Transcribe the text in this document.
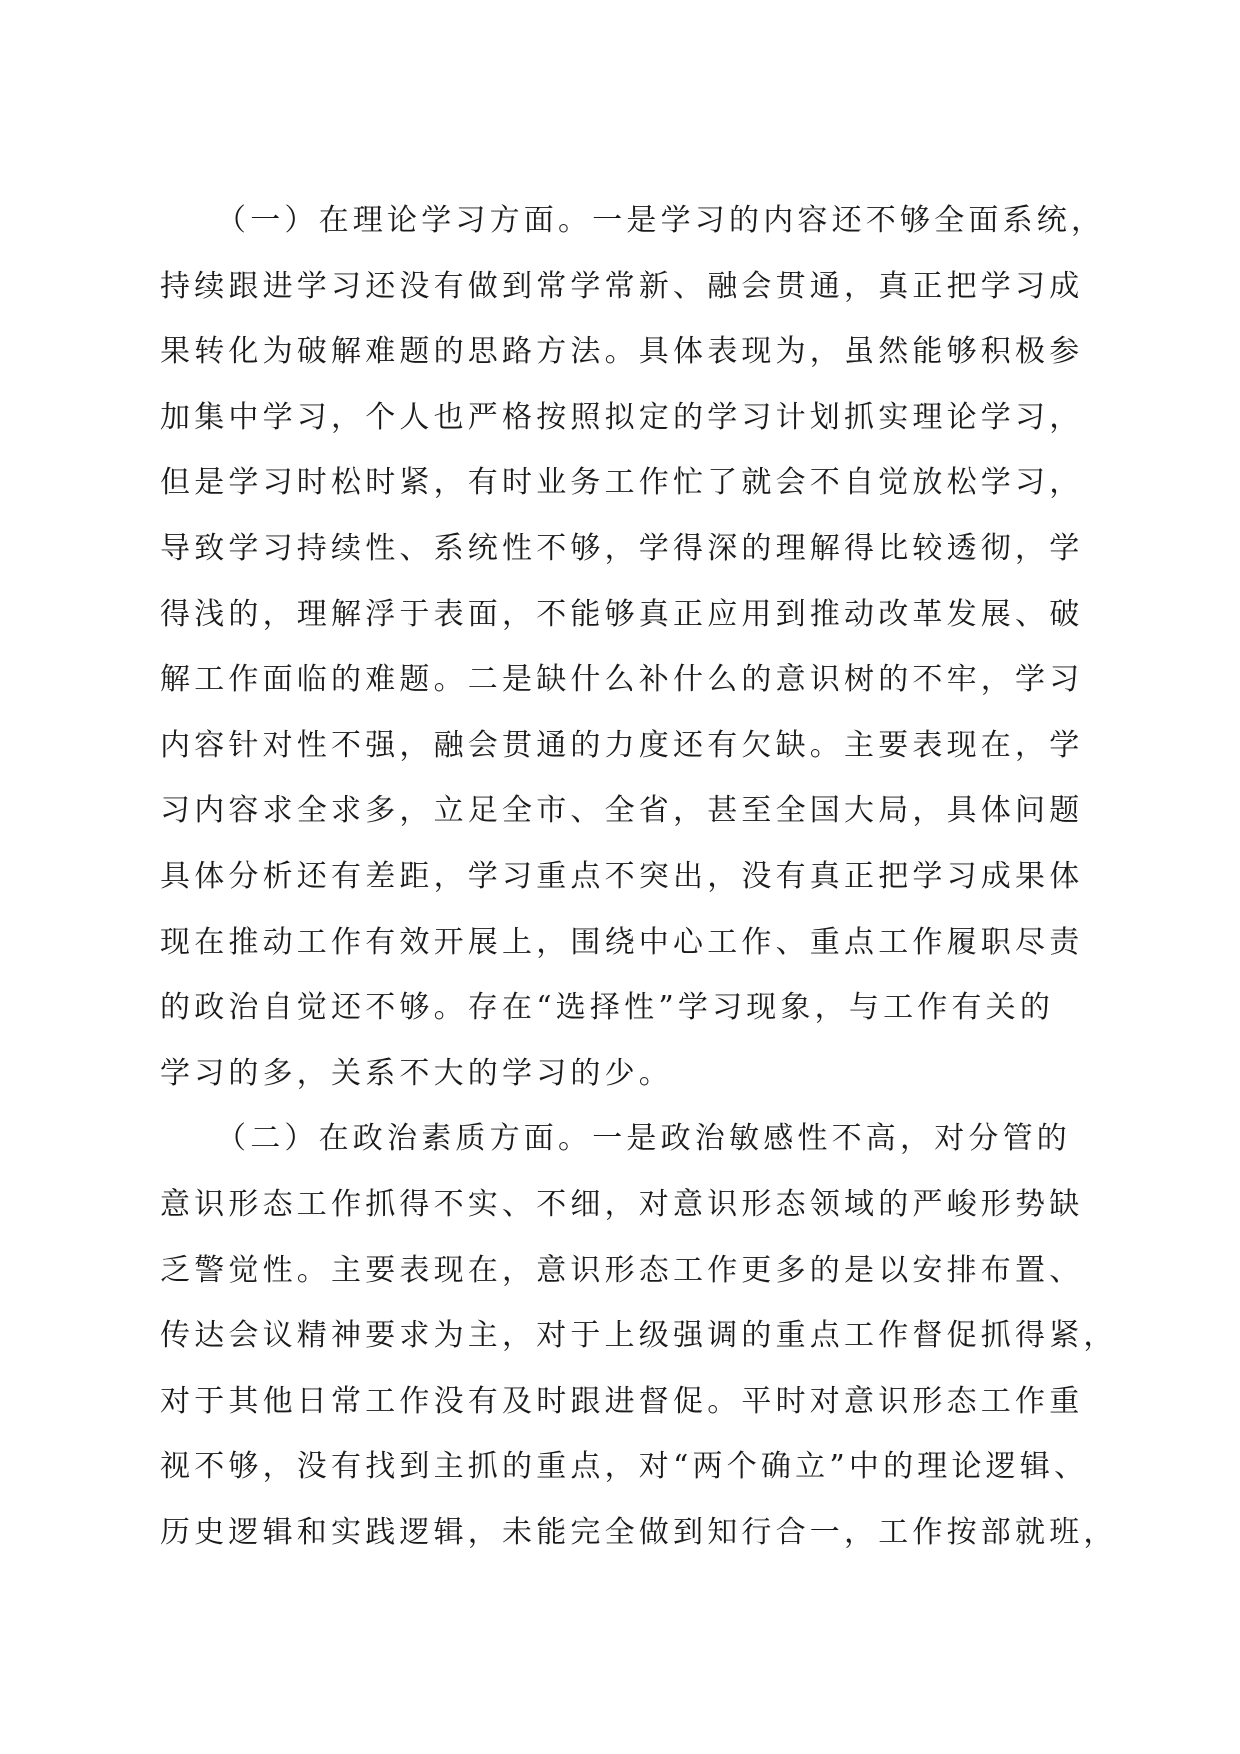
（一）在理论学习方面。一是学习的内容还不够全面系统，
持续跟进学习还没有做到常学常新、融会贯通，真正把学习成
果转化为破解难题的思路方法。具体表现为，虽然能够积极参
加集中学习，个人也严格按照拟定的学习计划抓实理论学习，
但是学习时松时紧，有时业务工作忙了就会不自觉放松学习，
导致学习持续性、系统性不够，学得深的理解得比较透彻，学
得浅的，理解浮于表面，不能够真正应用到推动改革发展、破
解工作面临的难题。二是缺什么补什么的意识树的不牢，学习
内容针对性不强，融会贯通的力度还有欠缺。主要表现在，学
习内容求全求多，立足全市、全省，甚至全国大局，具体问题
具体分析还有差距，学习重点不突出，没有真正把学习成果体
现在推动工作有效开展上，围绕中心工作、重点工作履职尽责
的政治自觉还不够。存在“选择性”学习现象，与工作有关的
学习的多，关系不大的学习的少。
（二）在政治素质方面。一是政治敏感性不高，对分管的
意识形态工作抓得不实、不细，对意识形态领域的严峻形势缺
乏警觉性。主要表现在，意识形态工作更多的是以安排布置、
传达会议精神要求为主，对于上级强调的重点工作督促抓得紧，
对于其他日常工作没有及时跟进督促。平时对意识形态工作重
视不够，没有找到主抓的重点，对“两个确立”中的理论逻辑、
历史逻辑和实践逻辑，未能完全做到知行合一，工作按部就班，
